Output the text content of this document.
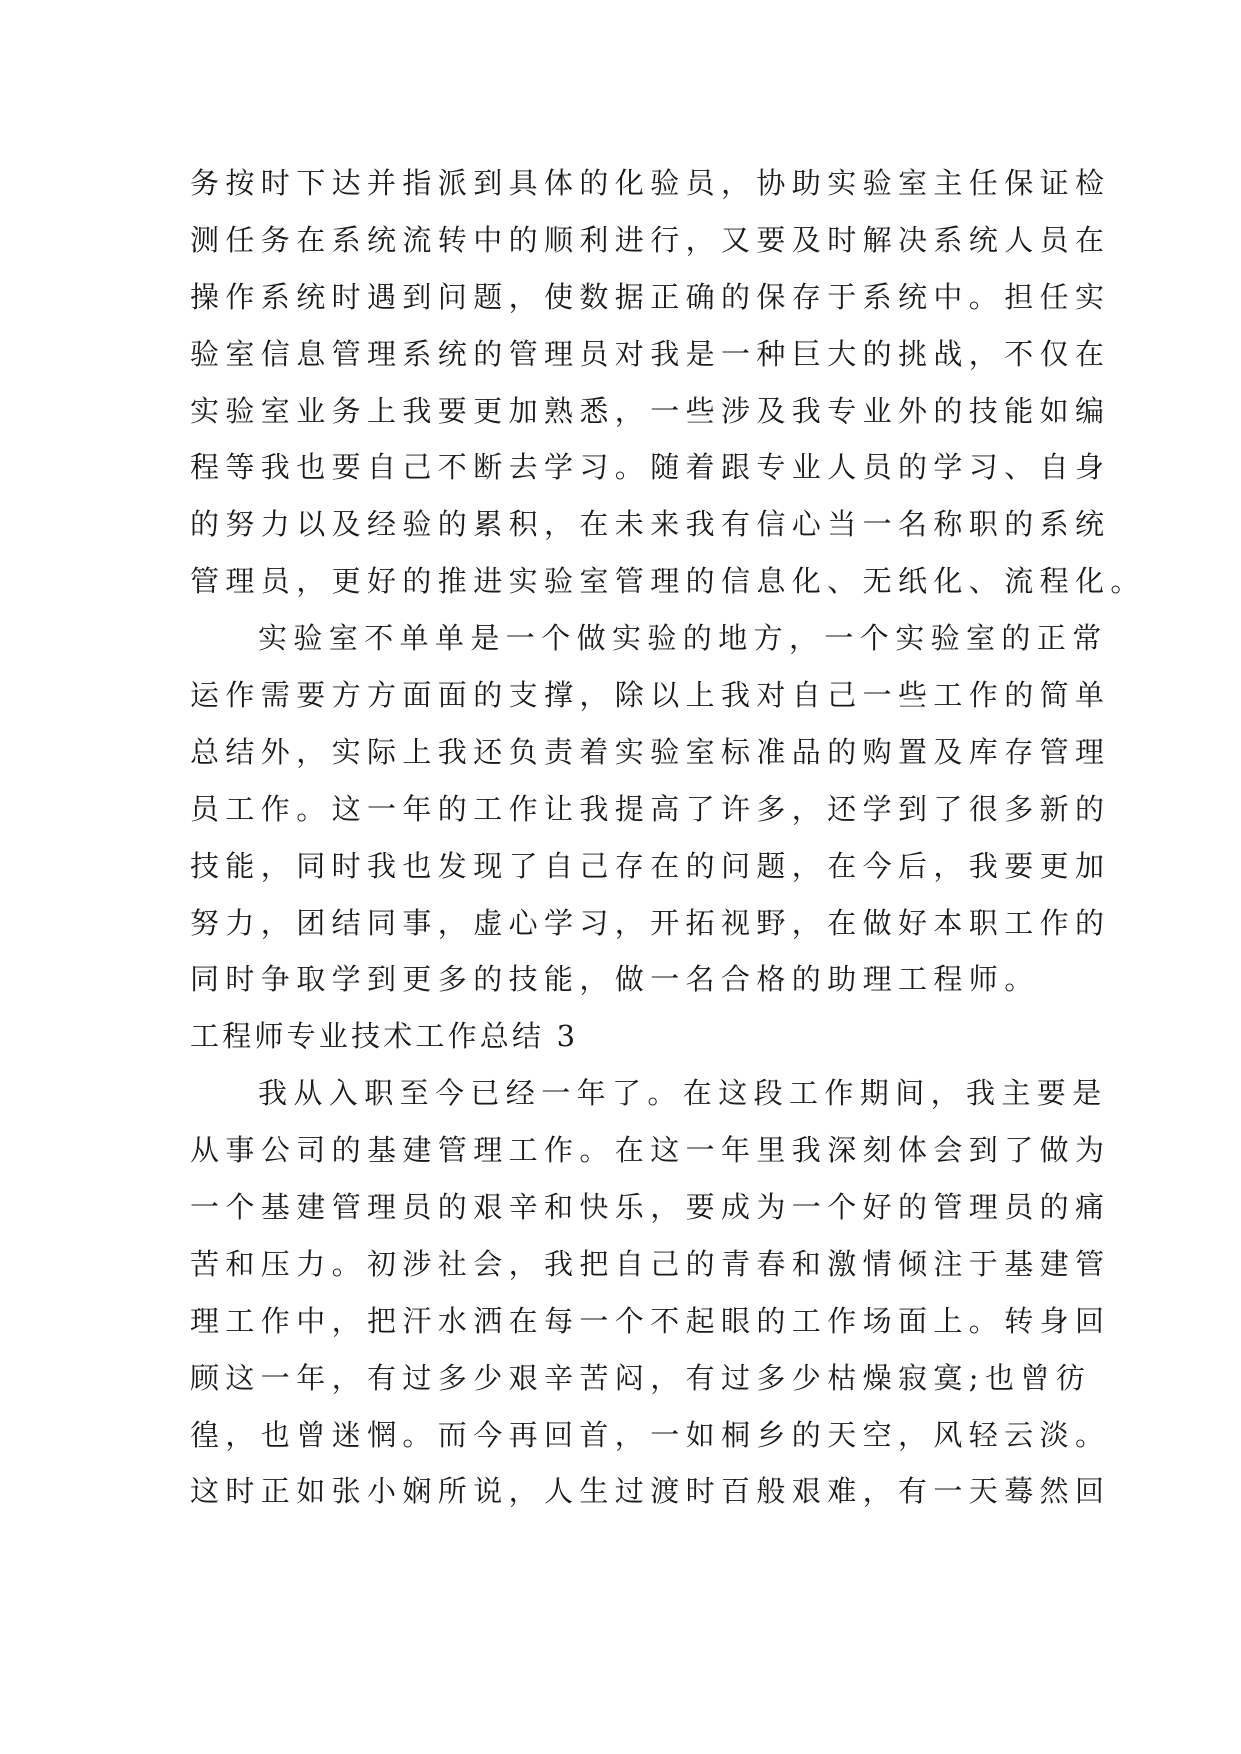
务按时下达并指派到具体的化验员，协助实验室主任保证检
测任务在系统流转中的顺利进行，又要及时解决系统人员在
操作系统时遇到问题，使数据正确的保存于系统中。担任实
验室信息管理系统的管理员对我是一种巨大的挑战，不仅在
实验室业务上我要更加熟悉，一些涉及我专业外的技能如编
程等我也要自己不断去学习。随着跟专业人员的学习、自身
的努力以及经验的累积，在未来我有信心当一名称职的系统
管理员，更好的推进实验室管理的信息化、无纸化、流程化。
实验室不单单是一个做实验的地方，一个实验室的正常
运作需要方方面面的支撑，除以上我对自己一些工作的简单
总结外，实际上我还负责着实验室标准品的购置及库存管理
员工作。这一年的工作让我提高了许多，还学到了很多新的
技能，同时我也发现了自己存在的问题，在今后，我要更加
努力，团结同事，虚心学习，开拓视野，在做好本职工作的
同时争取学到更多的技能，做一名合格的助理工程师。
工程师专业技术工作总结 3
我从入职至今已经一年了。在这段工作期间，我主要是
从事公司的基建管理工作。在这一年里我深刻体会到了做为
一个基建管理员的艰辛和快乐，要成为一个好的管理员的痛
苦和压力。初涉社会，我把自己的青春和激情倾注于基建管
理工作中，把汗水洒在每一个不起眼的工作场面上。转身回
顾这一年，有过多少艰辛苦闷，有过多少枯燥寂寞;也曾彷
徨，也曾迷惘。而今再回首，一如桐乡的天空，风轻云淡。
这时正如张小娴所说，人生过渡时百般艰难，有一天蓦然回
